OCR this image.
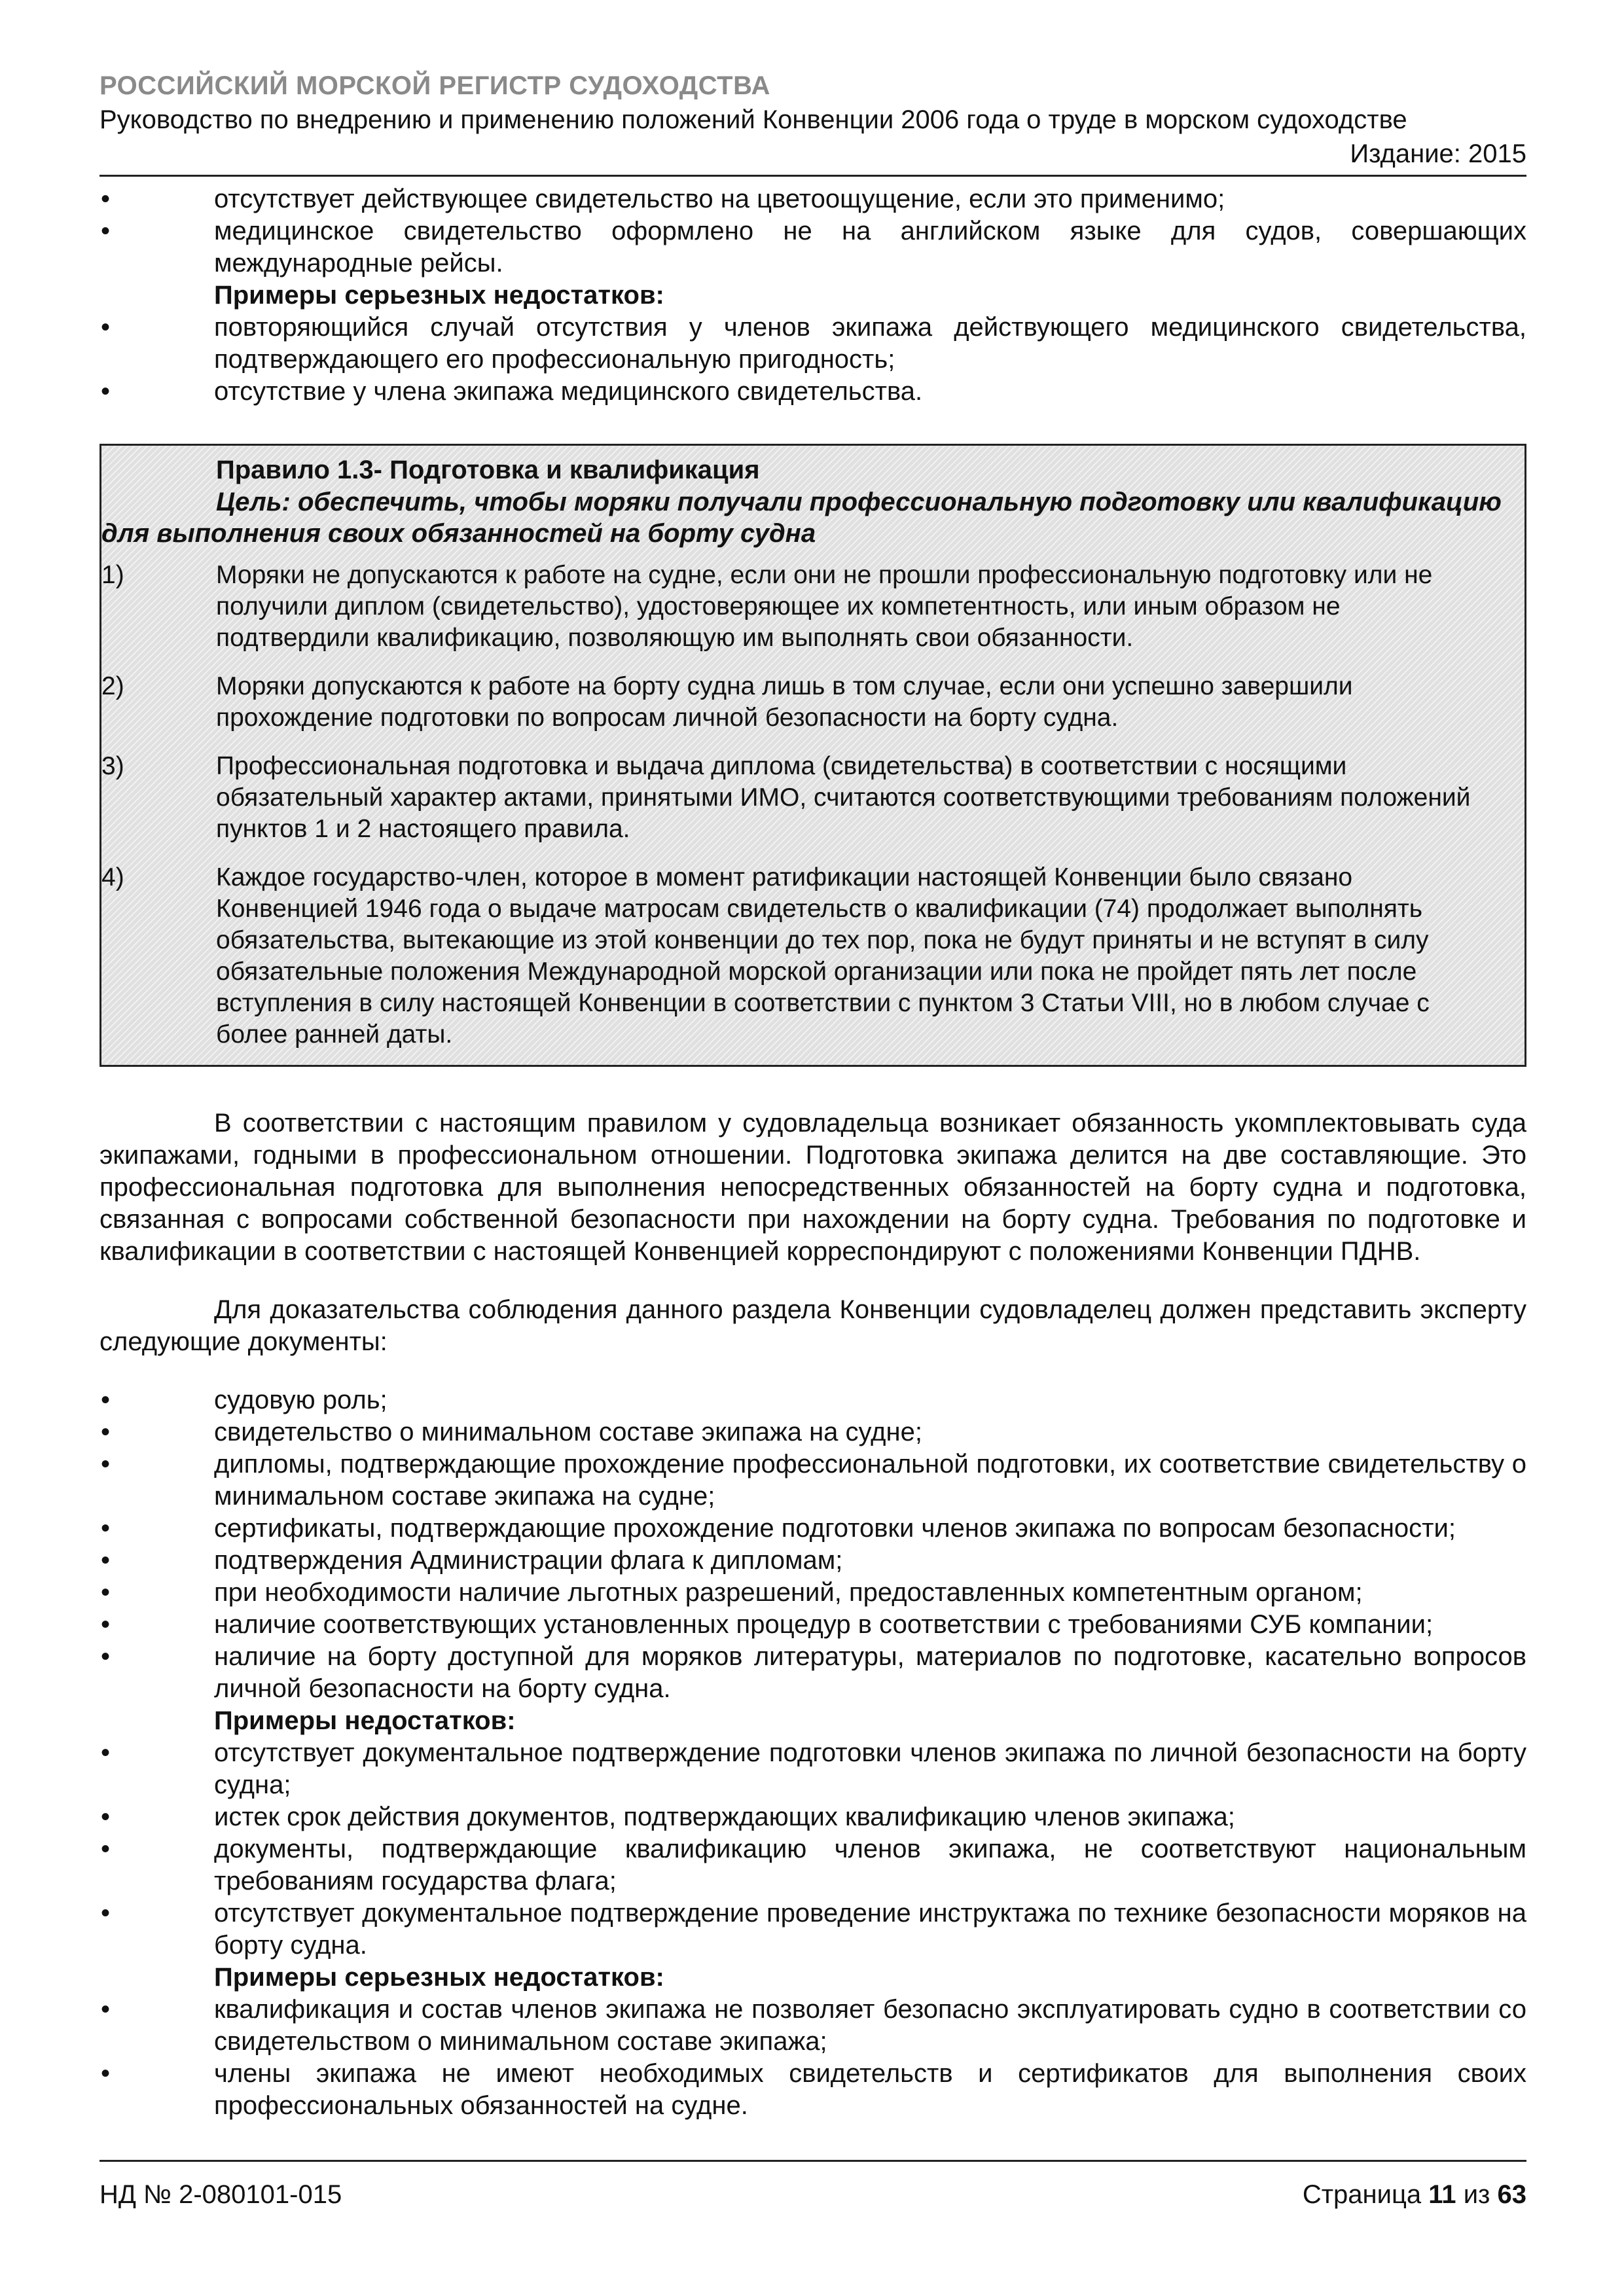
РОССИЙСКИЙ МОРСКОЙ РЕГИСТР СУДОХОДСТВА
Руководство по внедрению и применению положений Конвенции 2006 года о труде в морском судоходстве
Издание: 2015
• отсутствует действующее свидетельство на цветоощущение, если это применимо;
• медицинское свидетельство оформлено не на английском языке для судов, совершающих международные рейсы.
Примеры серьезных недостатков:
• повторяющийся случай отсутствия у членов экипажа действующего медицинского свидетельства, подтверждающего его профессиональную пригодность;
• отсутствие у члена экипажа медицинского свидетельства.
Правило 1.3- Подготовка и квалификация
Цель: обеспечить, чтобы моряки получали профессиональную подготовку или квалификацию для выполнения своих обязанностей на борту судна
1)	Моряки не допускаются к работе на судне, если они не прошли профессиональную подготовку или не получили диплом (свидетельство), удостоверяющее их компетентность, или иным образом не подтвердили квалификацию, позволяющую им выполнять свои обязанности.
2)	Моряки допускаются к работе на борту судна лишь в том случае, если они успешно завершили прохождение подготовки по вопросам личной безопасности на борту судна.
3)	Профессиональная подготовка и выдача диплома (свидетельства) в соответствии с носящими обязательный характер актами, принятыми ИМО, считаются соответствующими требованиям положений пунктов 1 и 2 настоящего правила.
4)	Каждое государство-член, которое в момент ратификации настоящей Конвенции было связано Конвенцией 1946 года о выдаче матросам свидетельств о квалификации (74) продолжает выполнять обязательства, вытекающие из этой конвенции до тех пор, пока не будут приняты и не вступят в силу обязательные положения Международной морской организации или пока не пройдет пять лет после вступления в силу настоящей Конвенции в соответствии с пунктом 3 Статьи VIII, но в любом случае с более ранней даты.

В соответствии с настоящим правилом у судовладельца возникает обязанность укомплектовывать суда экипажами, годными в профессиональном отношении. Подготовка экипажа делится на две составляющие. Это профессиональная подготовка для выполнения непосредственных обязанностей на борту судна и подготовка, связанная с вопросами собственной безопасности при нахождении на борту судна. Требования по подготовке и квалификации в соответствии с настоящей Конвенцией корреспондируют с положениями Конвенции ПДНВ.

Для доказательства соблюдения данного раздела Конвенции судовладелец должен представить эксперту следующие документы:

• судовую роль;
• свидетельство о минимальном составе экипажа на судне;
• дипломы, подтверждающие прохождение профессиональной подготовки, их соответствие свидетельству о минимальном составе экипажа на судне;
• сертификаты, подтверждающие прохождение подготовки членов экипажа по вопросам безопасности;
• подтверждения Администрации флага к дипломам;
• при необходимости наличие льготных разрешений, предоставленных компетентным органом;
• наличие соответствующих установленных процедур в соответствии с требованиями СУБ компании;
• наличие на борту доступной для моряков литературы, материалов по подготовке, касательно вопросов личной безопасности на борту судна.
Примеры недостатков:
• отсутствует документальное подтверждение подготовки членов экипажа по личной безопасности на борту судна;
• истек срок действия документов, подтверждающих квалификацию членов экипажа;
• документы, подтверждающие квалификацию членов экипажа, не соответствуют национальным требованиям государства флага;
• отсутствует документальное подтверждение проведение инструктажа по технике безопасности моряков на борту судна.
Примеры серьезных недостатков:
• квалификация и состав членов экипажа не позволяет безопасно эксплуатировать судно в соответствии со свидетельством о минимальном составе экипажа;
• члены экипажа не имеют необходимых свидетельств и сертификатов для выполнения своих профессиональных обязанностей на судне.
НД № 2-080101-015	Страница 11 из 63
